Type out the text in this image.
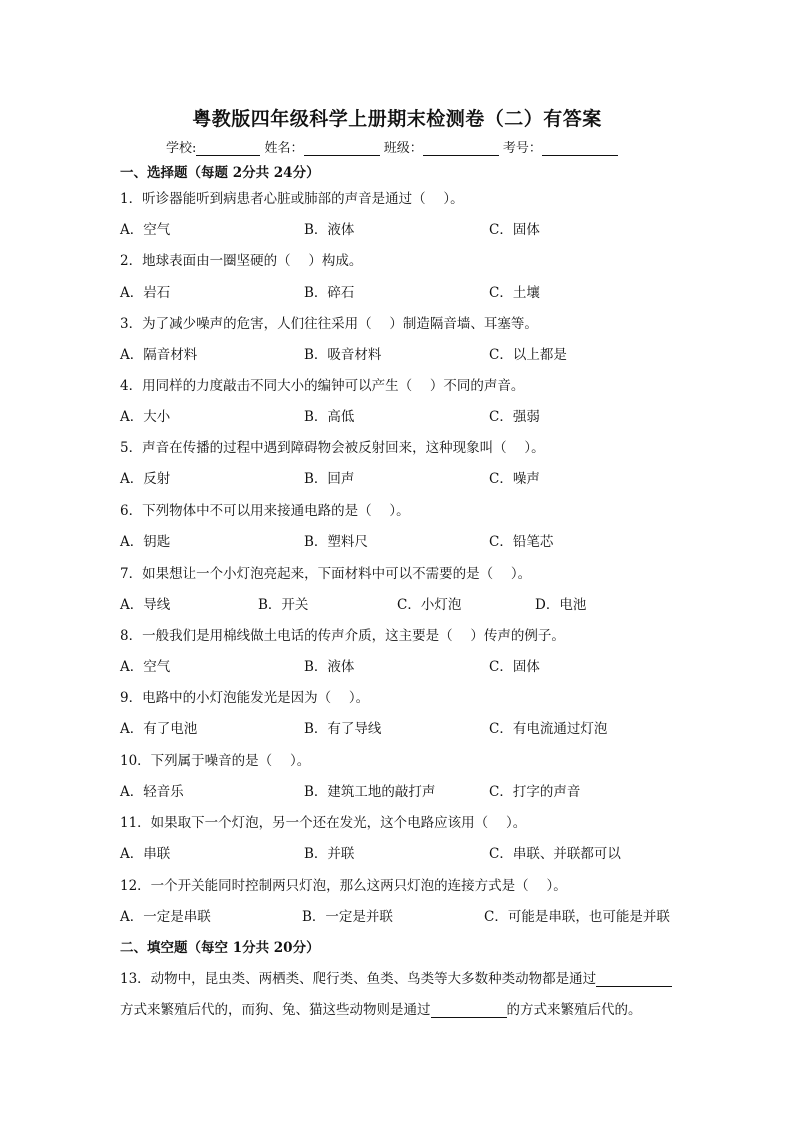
粤教版四年级科学上册期末检测卷（二）有答案
学校:	姓名：	班级：	考号：
一、选择题（每题 2分共 24分）
1．听诊器能听到病患者心脏或肺部的声音是通过（　 ）。
A．空气	B．液体	C．固体
2．地球表面由一圈坚硬的（　 ）构成。
A．岩石	B．碎石	C．土壤
3．为了减少噪声的危害，人们往往采用（　 ）制造隔音墙、耳塞等。
A．隔音材料	B．吸音材料	C．以上都是
4．用同样的力度敲击不同大小的编钟可以产生（　 ）不同的声音。
A．大小	B．高低	C．强弱
5．声音在传播的过程中遇到障碍物会被反射回来，这种现象叫（　 ）。
A．反射	B．回声	C．噪声
6．下列物体中不可以用来接通电路的是（　 ）。
A．钥匙	B．塑料尺	C．铅笔芯
7．如果想让一个小灯泡亮起来，下面材料中可以不需要的是（　 ）。
A．导线	B．开关	C．小灯泡	D．电池
8．一般我们是用棉线做土电话的传声介质，这主要是（　 ）传声的例子。
A．空气	B．液体	C．固体
9．电路中的小灯泡能发光是因为（　 ）。
A．有了电池	B．有了导线	C．有电流通过灯泡
10．下列属于噪音的是（　 ）。
A．轻音乐	B．建筑工地的敲打声	C．打字的声音
11．如果取下一个灯泡，另一个还在发光，这个电路应该用（　 ）。
A．串联	B．并联	C．串联、并联都可以
12．一个开关能同时控制两只灯泡，那么这两只灯泡的连接方式是（　 ）。
A．一定是串联	B．一定是并联	C．可能是串联，也可能是并联
二、填空题（每空 1分共 20分）
13．动物中，昆虫类、两栖类、爬行类、鱼类、鸟类等大多数种类动物都是通过
方式来繁殖后代的，而狗、兔、猫这些动物则是通过	的方式来繁殖后代的。
